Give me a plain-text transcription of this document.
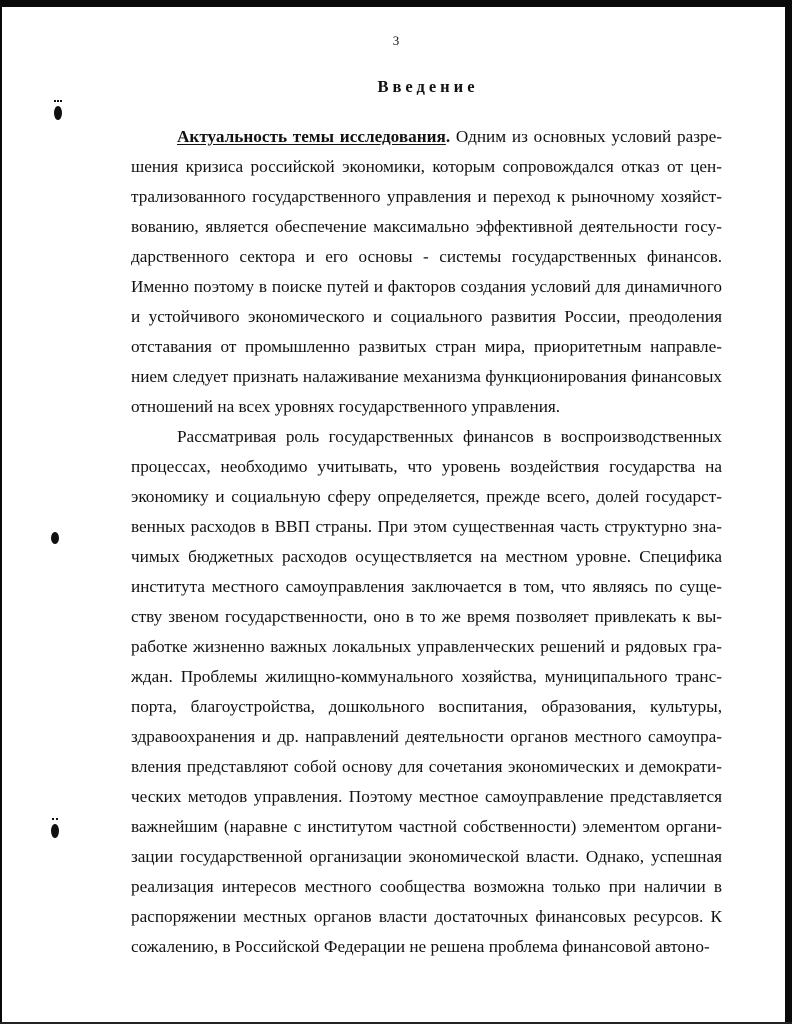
3
Введение

Актуальность темы исследования. Одним из основных условий разрешения кризиса российской экономики, которым сопровождался отказ от централизованного государственного управления и переход к рыночному хозяйствованию, является обеспечение максимально эффективной деятельности государственного сектора и его основы - системы государственных финансов. Именно поэтому в поиске путей и факторов создания условий для динамичного и устойчивого экономического и социального развития России, преодоления отставания от промышленно развитых стран мира, приоритетным направлением следует признать налаживание механизма функционирования финансовых отношений на всех уровнях государственного управления.

Рассматривая роль государственных финансов в воспроизводственных процессах, необходимо учитывать, что уровень воздействия государства на экономику и социальную сферу определяется, прежде всего, долей государственных расходов в ВВП страны. При этом существенная часть структурно значимых бюджетных расходов осуществляется на местном уровне. Специфика института местного самоуправления заключается в том, что являясь по существу звеном государственности, оно в то же время позволяет привлекать к выработке жизненно важных локальных управленческих решений и рядовых граждан. Проблемы жилищно-коммунального хозяйства, муниципального транспорта, благоустройства, дошкольного воспитания, образования, культуры, здравоохранения и др. направлений деятельности органов местного самоуправления представляют собой основу для сочетания экономических и демократических методов управления. Поэтому местное самоуправление представляется важнейшим (наравне с институтом частной собственности) элементом организации государственной организации экономической власти. Однако, успешная реализация интересов местного сообщества возможна только при наличии в распоряжении местных органов власти достаточных финансовых ресурсов. К сожалению, в Российской Федерации не решена проблема финансовой автоно-
